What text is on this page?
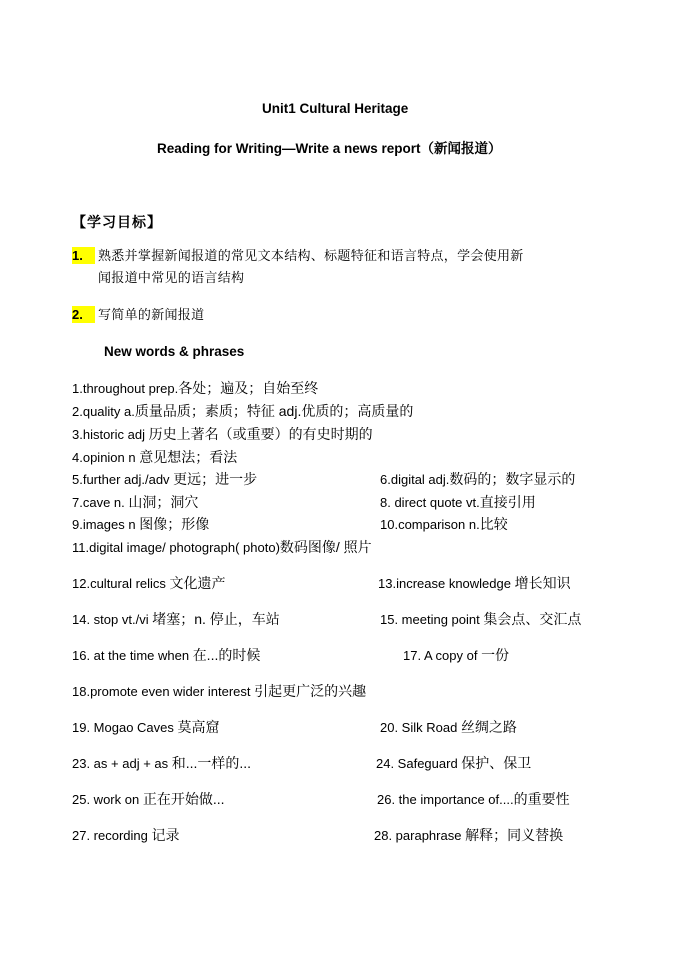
Unit1 Cultural Heritage
Reading for Writing—Write a news report（新闻报道）
【学习目标】
1.	熟悉并掌握新闻报道的常见文本结构、标题特征和语言特点，学会使用新
闻报道中常见的语言结构
2.	写简单的新闻报道
New words & phrases
1.throughout prep.各处；遍及；自始至终
2.quality a.质量品质；素质；特征 adj.优质的；高质量的
3.historic adj 历史上著名（或重要）的有史时期的
4.opinion n 意见想法；看法
5.further adj./adv 更远；进一步	6.digital adj.数码的；数字显示的
7.cave n. 山洞；洞穴	8. direct quote vt.直接引用
9.images n 图像；形像	10.comparison n.比较
11.digital image/ photograph( photo)数码图像/ 照片
12.cultural relics 文化遗产	13.increase knowledge 增长知识
14. stop vt./vi 堵塞；n. 停止，车站	15. meeting point 集会点、交汇点
16. at the time when 在...的时候	17. A copy of 一份
18.promote even wider interest 引起更广泛的兴趣
19. Mogao Caves 莫高窟	20. Silk Road 丝绸之路
23. as + adj + as 和...一样的...	24. Safeguard 保护、保卫
25. work on 正在开始做...	26. the importance of....的重要性
27. recording 记录	28. paraphrase 解释；同义替换
